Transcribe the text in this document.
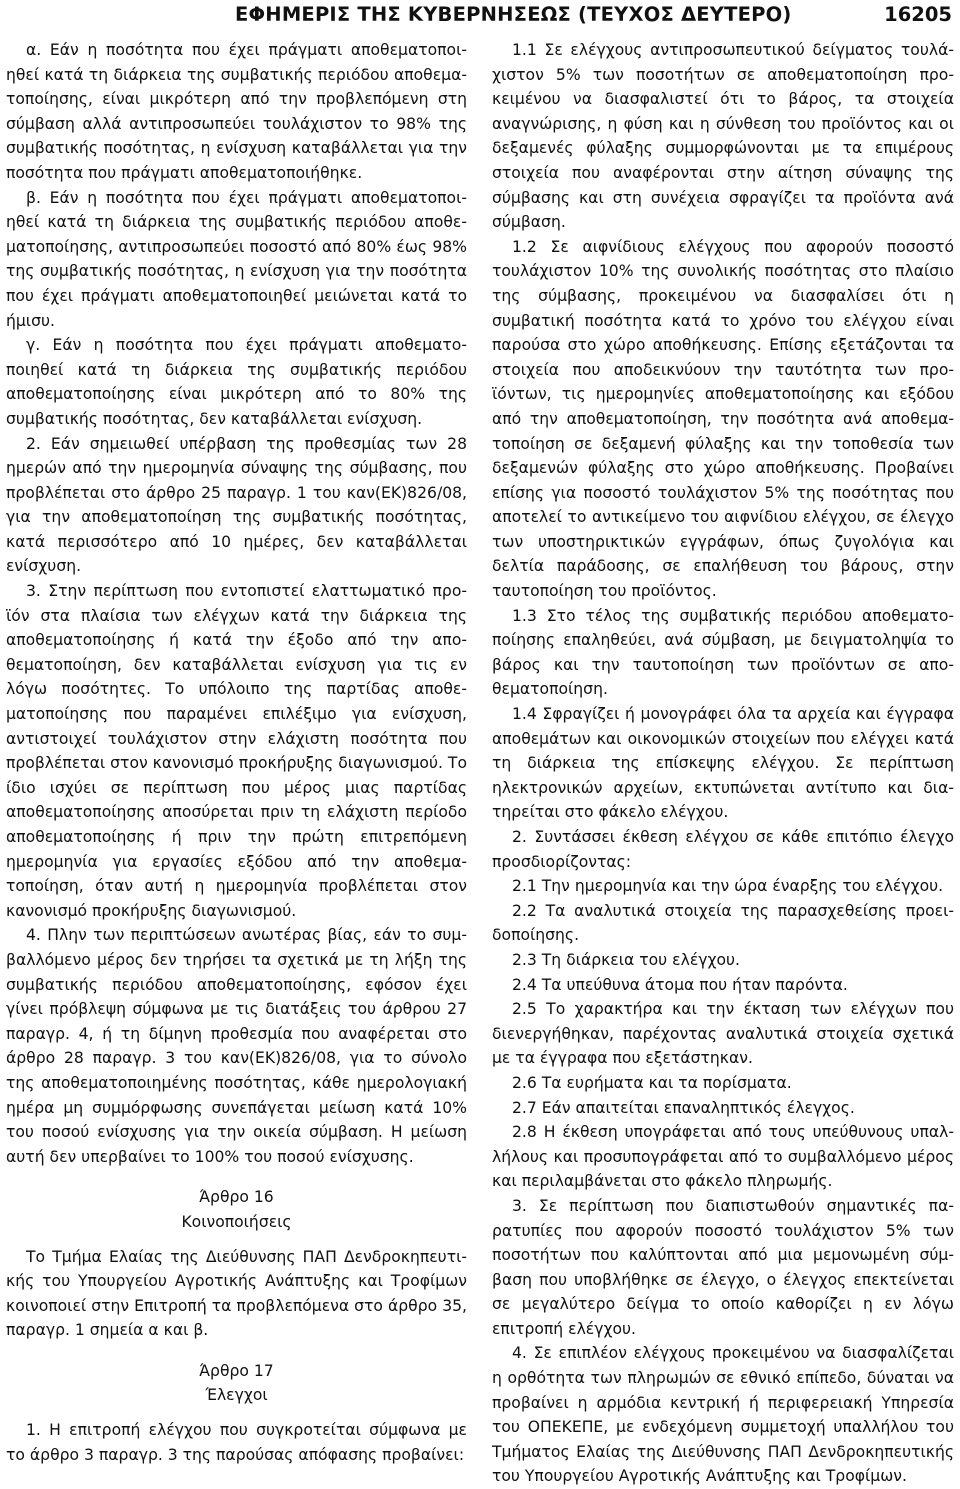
ΕΦΗΜΕΡΙΣ ΤΗΣ ΚΥΒΕΡΝΗΣΕΩΣ (ΤΕΥΧΟΣ ΔΕΥΤΕΡΟ)	16205

α. Εάν η ποσότητα που έχει πράγματι αποθεματοποιηθεί κατά τη διάρκεια της συμβατικής περιόδου αποθεματοποίησης, είναι μικρότερη από την προβλεπόμενη στη σύμβαση αλλά αντιπροσωπεύει τουλάχιστον το 98% της συμβατικής ποσότητας, η ενίσχυση καταβάλλεται για την ποσότητα που πράγματι αποθεματοποιήθηκε.

β. Εάν η ποσότητα που έχει πράγματι αποθεματοποιηθεί κατά τη διάρκεια της συμβατικής περιόδου αποθεματοποίησης, αντιπροσωπεύει ποσοστό από 80% έως 98% της συμβατικής ποσότητας, η ενίσχυση για την ποσότητα που έχει πράγματι αποθεματοποιηθεί μειώνεται κατά το ήμισυ.

γ. Εάν η ποσότητα που έχει πράγματι αποθεματοποιηθεί κατά τη διάρκεια της συμβατικής περιόδου αποθεματοποίησης είναι μικρότερη από το 80% της συμβατικής ποσότητας, δεν καταβάλλεται ενίσχυση.

2. Εάν σημειωθεί υπέρβαση της προθεσμίας των 28 ημερών από την ημερομηνία σύναψης της σύμβασης, που προβλέπεται στο άρθρο 25 παραγρ. 1 του καν(ΕΚ)826/08, για την αποθεματοποίηση της συμβατικής ποσότητας, κατά περισσότερο από 10 ημέρες, δεν καταβάλλεται ενίσχυση.

3. Στην περίπτωση που εντοπιστεί ελαττωματικό προϊόν στα πλαίσια των ελέγχων κατά την διάρκεια της αποθεματοποίησης ή κατά την έξοδο από την αποθεματοποίηση, δεν καταβάλλεται ενίσχυση για τις εν λόγω ποσότητες. Το υπόλοιπο της παρτίδας αποθεματοποίησης που παραμένει επιλέξιμο για ενίσχυση, αντιστοιχεί τουλάχιστον στην ελάχιστη ποσότητα που προβλέπεται στον κανονισμό προκήρυξης διαγωνισμού. Το ίδιο ισχύει σε περίπτωση που μέρος μιας παρτίδας αποθεματοποίησης αποσύρεται πριν τη ελάχιστη περίοδο αποθεματοποίησης ή πριν την πρώτη επιτρεπόμενη ημερομηνία για εργασίες εξόδου από την αποθεματοποίηση, όταν αυτή η ημερομηνία προβλέπεται στον κανονισμό προκήρυξης διαγωνισμού.

4. Πλην των περιπτώσεων ανωτέρας βίας, εάν το συμβαλλόμενο μέρος δεν τηρήσει τα σχετικά με τη λήξη της συμβατικής περιόδου αποθεματοποίησης, εφόσον έχει γίνει πρόβλεψη σύμφωνα με τις διατάξεις του άρθρου 27 παραγρ. 4, ή τη δίμηνη προθεσμία που αναφέρεται στο άρθρο 28 παραγρ. 3 του καν(ΕΚ)826/08, για το σύνολο της αποθεματοποιημένης ποσότητας, κάθε ημερολογιακή ημέρα μη συμμόρφωσης συνεπάγεται μείωση κατά 10% του ποσού ενίσχυσης για την οικεία σύμβαση. Η μείωση αυτή δεν υπερβαίνει το 100% του ποσού ενίσχυσης.

Άρθρο 16

Κοινοποιήσεις

Το Τμήμα Ελαίας της Διεύθυνσης ΠΑΠ Δενδροκηπευτικής του Υπουργείου Αγροτικής Ανάπτυξης και Τροφίμων κοινοποιεί στην Επιτροπή τα προβλεπόμενα στο άρθρο 35, παραγρ. 1 σημεία α και β.

Άρθρο 17

Έλεγχοι

1. Η επιτροπή ελέγχου που συγκροτείται σύμφωνα με το άρθρο 3 παραγρ. 3 της παρούσας απόφασης προβαίνει:

1.1 Σε ελέγχους αντιπροσωπευτικού δείγματος τουλάχιστον 5% των ποσοτήτων σε αποθεματοποίηση προκειμένου να διασφαλιστεί ότι το βάρος, τα στοιχεία αναγνώρισης, η φύση και η σύνθεση του προϊόντος και οι δεξαμενές φύλαξης συμμορφώνονται με τα επιμέρους στοιχεία που αναφέρονται στην αίτηση σύναψης της σύμβασης και στη συνέχεια σφραγίζει τα προϊόντα ανά σύμβαση.

1.2 Σε αιφνίδιους ελέγχους που αφορούν ποσοστό τουλάχιστον 10% της συνολικής ποσότητας στο πλαίσιο της σύμβασης, προκειμένου να διασφαλίσει ότι η συμβατική ποσότητα κατά το χρόνο του ελέγχου είναι παρούσα στο χώρο αποθήκευσης. Επίσης εξετάζονται τα στοιχεία που αποδεικνύουν την ταυτότητα των προϊόντων, τις ημερομηνίες αποθεματοποίησης και εξόδου από την αποθεματοποίηση, την ποσότητα ανά αποθεματοποίηση σε δεξαμενή φύλαξης και την τοποθεσία των δεξαμενών φύλαξης στο χώρο αποθήκευσης. Προβαίνει επίσης για ποσοστό τουλάχιστον 5% της ποσότητας που αποτελεί το αντικείμενο του αιφνίδιου ελέγχου, σε έλεγχο των υποστηρικτικών εγγράφων, όπως ζυγολόγια και δελτία παράδοσης, σε επαλήθευση του βάρους, στην ταυτοποίηση του προϊόντος.

1.3 Στο τέλος της συμβατικής περιόδου αποθεματοποίησης επαληθεύει, ανά σύμβαση, με δειγματοληψία το βάρος και την ταυτοποίηση των προϊόντων σε αποθεματοποίηση.

1.4 Σφραγίζει ή μονογράφει όλα τα αρχεία και έγγραφα αποθεμάτων και οικονομικών στοιχείων που ελέγχει κατά τη διάρκεια της επίσκεψης ελέγχου. Σε περίπτωση ηλεκτρονικών αρχείων, εκτυπώνεται αντίτυπο και διατηρείται στο φάκελο ελέγχου.

2. Συντάσσει έκθεση ελέγχου σε κάθε επιτόπιο έλεγχο προσδιορίζοντας:

2.1 Την ημερομηνία και την ώρα έναρξης του ελέγχου.

2.2 Τα αναλυτικά στοιχεία της παρασχεθείσης προειδοποίησης.

2.3 Τη διάρκεια του ελέγχου.

2.4 Τα υπεύθυνα άτομα που ήταν παρόντα.

2.5 Το χαρακτήρα και την έκταση των ελέγχων που διενεργήθηκαν, παρέχοντας αναλυτικά στοιχεία σχετικά με τα έγγραφα που εξετάστηκαν.

2.6 Τα ευρήματα και τα πορίσματα.

2.7 Εάν απαιτείται επαναληπτικός έλεγχος.

2.8 Η έκθεση υπογράφεται από τους υπεύθυνους υπαλλήλους και προσυπογράφεται από το συμβαλλόμενο μέρος και περιλαμβάνεται στο φάκελο πληρωμής.

3. Σε περίπτωση που διαπιστωθούν σημαντικές παρατυπίες που αφορούν ποσοστό τουλάχιστον 5% των ποσοτήτων που καλύπτονται από μια μεμονωμένη σύμβαση που υποβλήθηκε σε έλεγχο, ο έλεγχος επεκτείνεται σε μεγαλύτερο δείγμα το οποίο καθορίζει η εν λόγω επιτροπή ελέγχου.

4. Σε επιπλέον ελέγχους προκειμένου να διασφαλίζεται η ορθότητα των πληρωμών σε εθνικό επίπεδο, δύναται να προβαίνει η αρμόδια κεντρική ή περιφερειακή Υπηρεσία του ΟΠΕΚΕΠΕ, με ενδεχόμενη συμμετοχή υπαλλήλου του Τμήματος Ελαίας της Διεύθυνσης ΠΑΠ Δενδροκηπευτικής του Υπουργείου Αγροτικής Ανάπτυξης και Τροφίμων.
